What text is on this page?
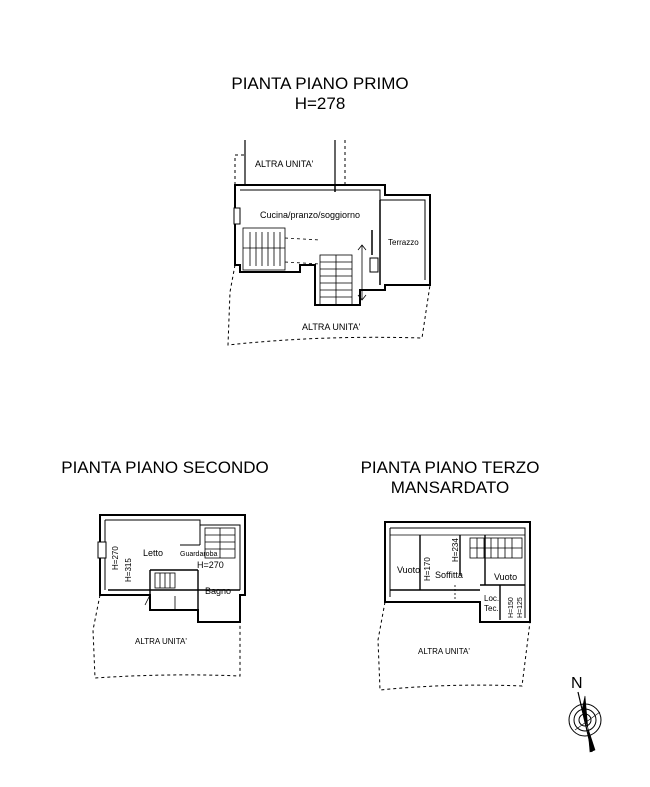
PIANTA PIANO PRIMO
H=278
PIANTA PIANO SECONDO	PIANTA PIANO TERZO
MANSARDATO
ALTRA UNITA'
Cucina/pranzo/soggiorno
Terrazzo
ALTRA UNITA'
Letto Guardaroba
H=270
Bagno
H=270
H=315
ALTRA UNITA'
Vuoto H=170
H=234
Soffitta	Vuoto
Loc.
Tec. H=150 H=125
ALTRA UNITA'
N
